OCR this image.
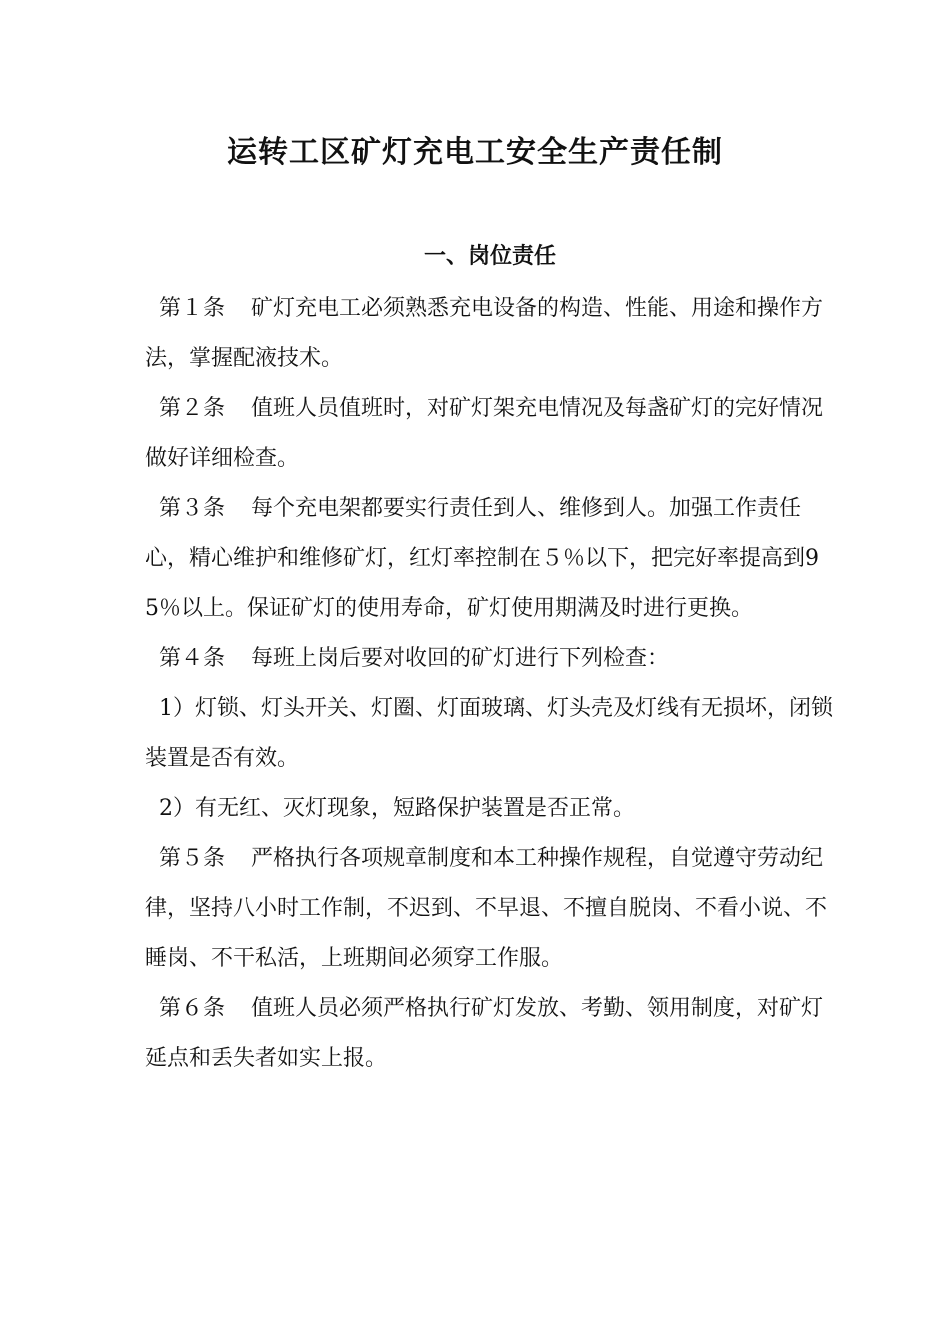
运转工区矿灯充电工安全生产责任制
一、岗位责任

第１条 矿灯充电工必须熟悉充电设备的构造、性能、用途和操作方法，掌握配液技术。

第２条 值班人员值班时，对矿灯架充电情况及每盏矿灯的完好情况做好详细检查。

第３条 每个充电架都要实行责任到人、维修到人。加强工作责任心，精心维护和维修矿灯，红灯率控制在５％以下，把完好率提高到95％以上。保证矿灯的使用寿命，矿灯使用期满及时进行更换。

第４条 每班上岗后要对收回的矿灯进行下列检查：

1）灯锁、灯头开关、灯圈、灯面玻璃、灯头壳及灯线有无损坏，闭锁装置是否有效。

2）有无红、灭灯现象，短路保护装置是否正常。

第５条 严格执行各项规章制度和本工种操作规程，自觉遵守劳动纪律，坚持八小时工作制，不迟到、不早退、不擅自脱岗、不看小说、不睡岗、不干私活，上班期间必须穿工作服。

第６条 值班人员必须严格执行矿灯发放、考勤、领用制度，对矿灯延点和丢失者如实上报。
